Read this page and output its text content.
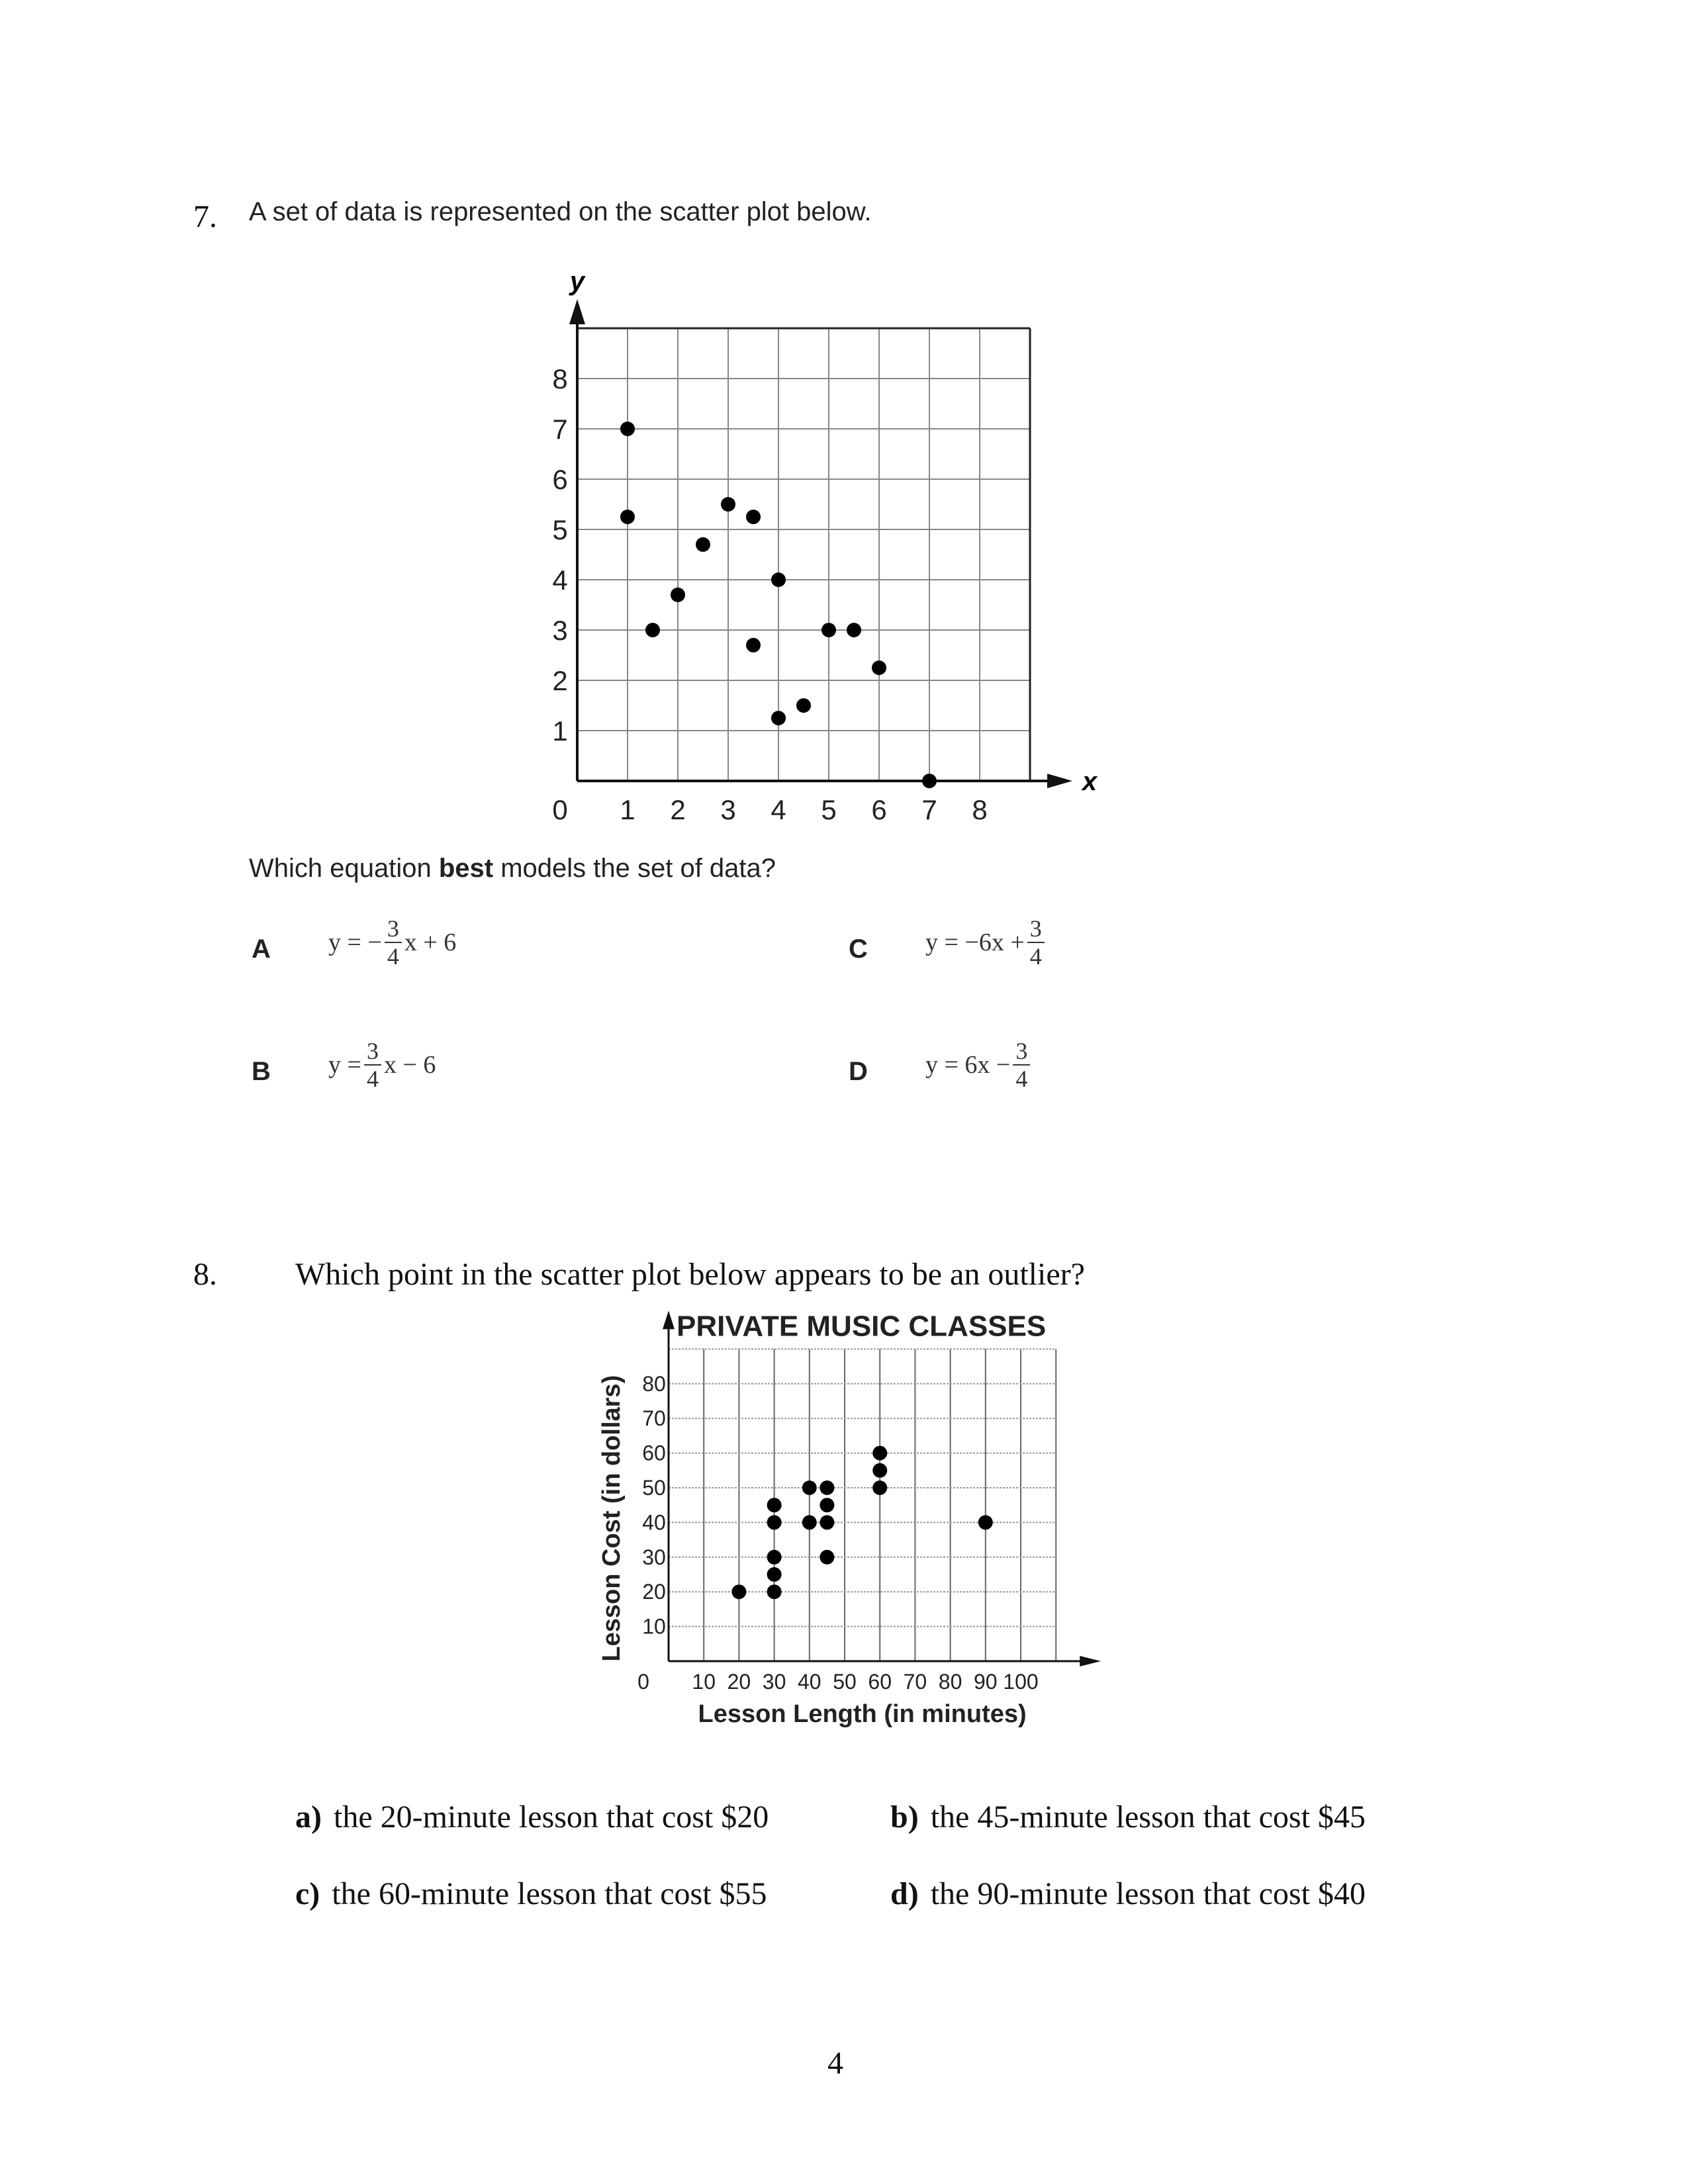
7. A set of data is represented on the scatter plot below.
y
x
1 2 3 4 5 6 7 8
1
2
3
4
5
6
7
8
0
Which equation best models the set of data?
A y = − $\frac{3}{4}$ x + 6
B $y = \frac{3}{4}$ x − 6
C $y = -6x + \frac{3}{4}$
D $y = 6x - \frac{3}{4}$
8. Which point in the scatter plot below appears to be an outlier?
10 20 30 40 50 60 70 80 90 100
10
20
30
40
50
60
70
80
0
PRIVATE MUSIC CLASSES
Lesson Length (in minutes)
Lesson Cost (in dollars)
a) the 20-minute lesson that cost $20	b) the 45-minute lesson that cost $45
c) the 60-minute lesson that cost $55	d) the 90-minute lesson that cost $40
4
